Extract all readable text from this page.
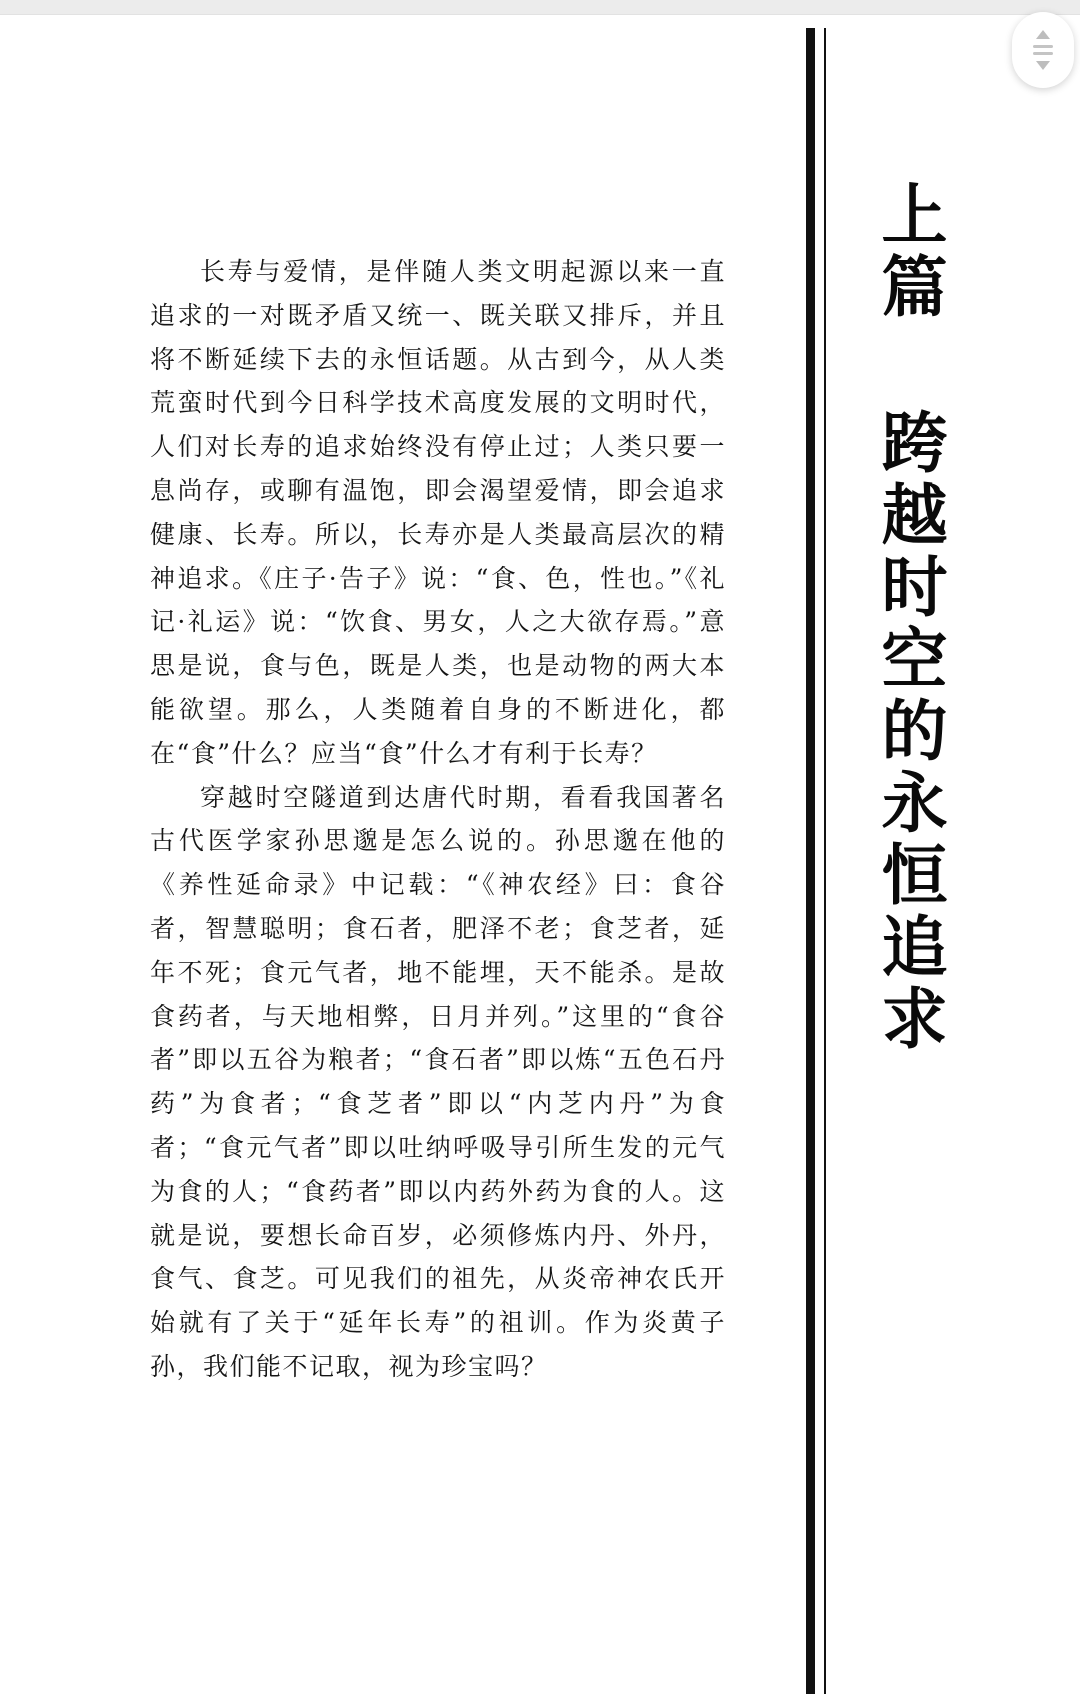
上篇跨越时空的永恒追求

长寿与爱情，是伴随人类文明起源以来一直追求的一对既矛盾又统一、既关联又排斥，并且将不断延续下去的永恒话题。从古到今，从人类荒蛮时代到今日科学技术高度发展的文明时代，人们对长寿的追求始终没有停止过；人类只要一息尚存，或聊有温饱，即会渴望爱情，即会追求健康、长寿。所以，长寿亦是人类最高层次的精神追求。《庄子·告子》说：“食、色，性也。”《礼记·礼运》说：“饮食、男女，人之大欲存焉。”意思是说，食与色，既是人类，也是动物的两大本能欲望。那么，人类随着自身的不断进化，都在“食”什么？应当“食”什么才有利于长寿？

穿越时空隧道到达唐代时期，看看我国著名古代医学家孙思邈是怎么说的。孙思邈在他的《养性延命录》中记载：“《神农经》曰：食谷者，智慧聪明；食石者，肥泽不老；食芝者，延年不死；食元气者，地不能埋，天不能杀。是故食药者，与天地相弊，日月并列。”这里的“食谷者”即以五谷为粮者；“食石者”即以炼“五色石丹药”为食者；“食芝者”即以“内芝内丹”为食者；“食元气者”即以吐纳呼吸导引所生发的元气为食的人；“食药者”即以内药外药为食的人。这就是说，要想长命百岁，必须修炼内丹、外丹，食气、食芝。可见我们的祖先，从炎帝神农氏开始就有了关于“延年长寿”的祖训。作为炎黄子孙，我们能不记取，视为珍宝吗？
